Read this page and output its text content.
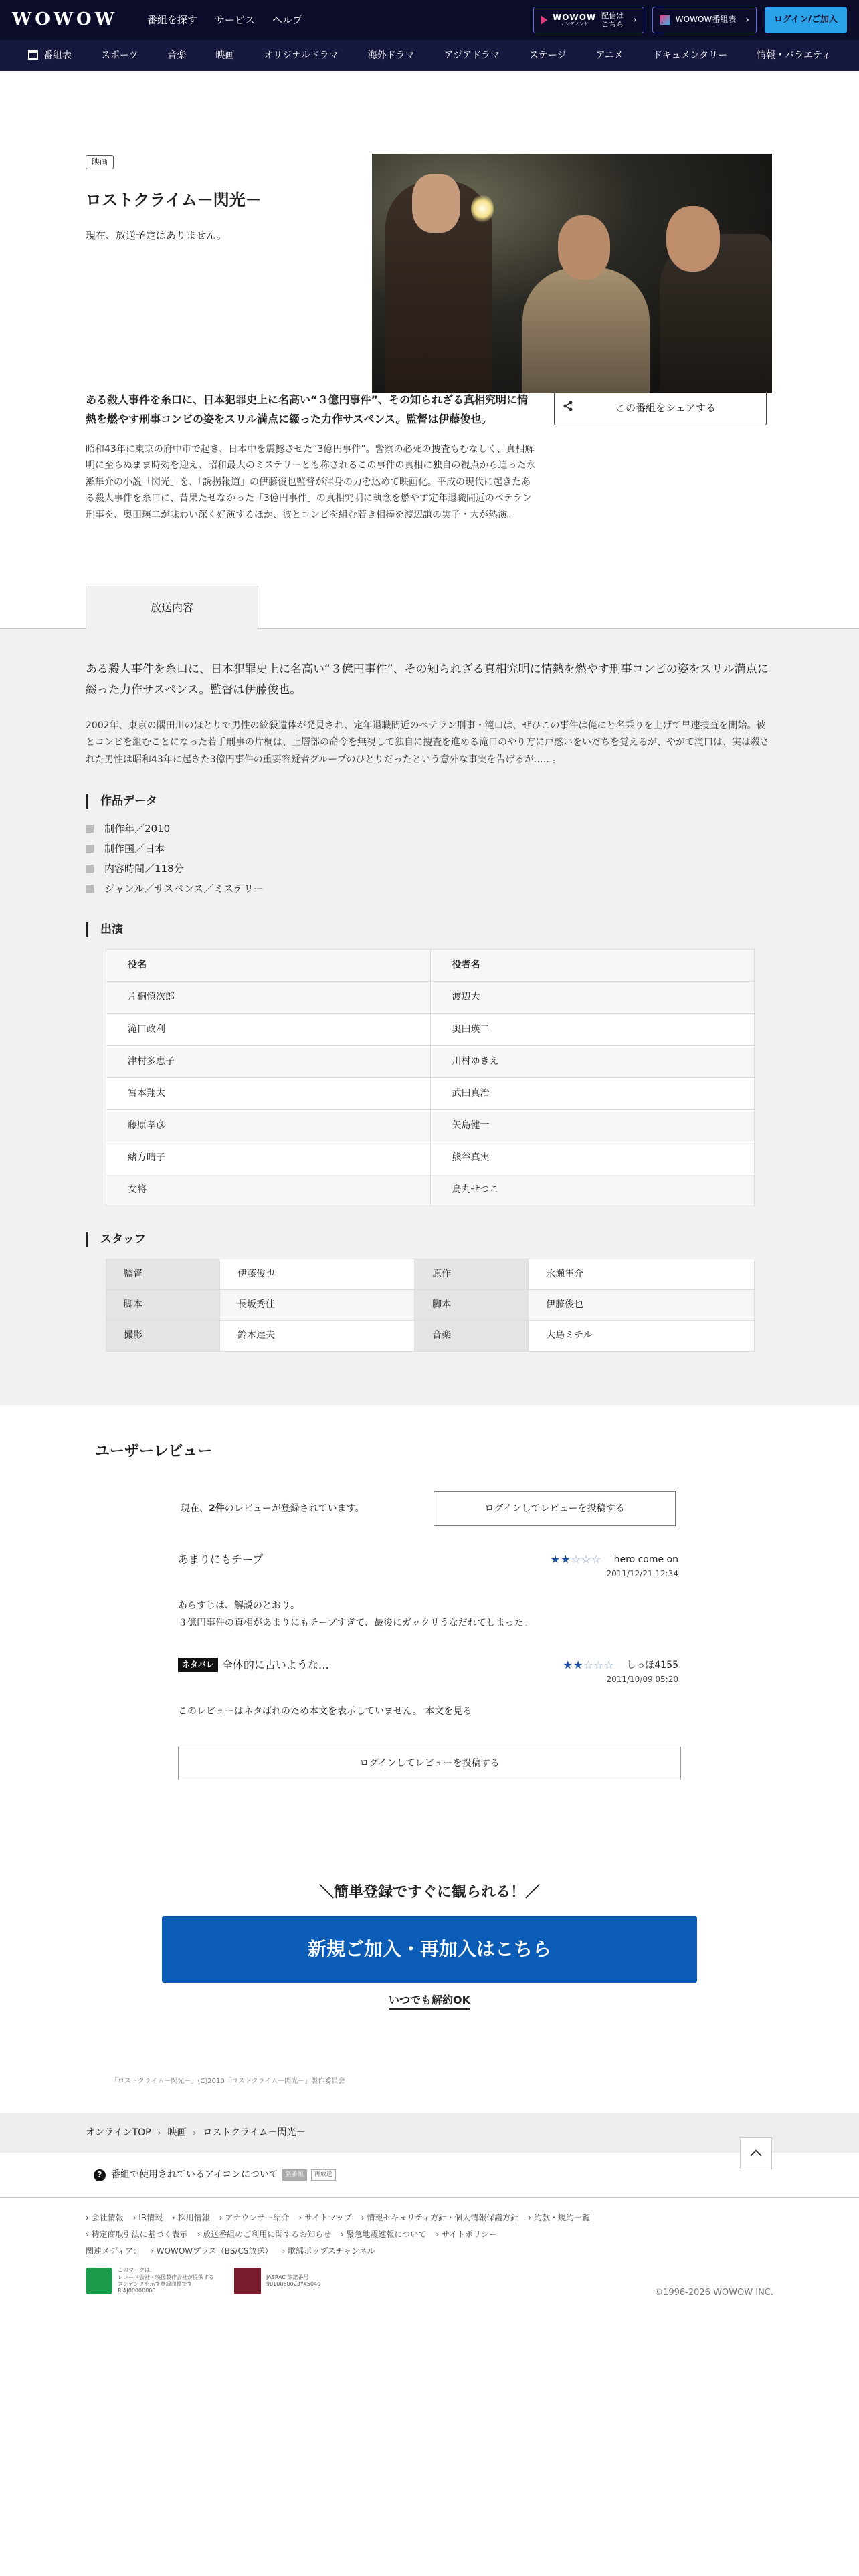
WOWOW	番組を探す サービス ヘルプ	WOWOW
オンデマンド
配信は
こちら ›	WOWOW番組表 ›	ログイン/ご加入
番組表	スポーツ	音楽	映画	オリジナルドラマ	海外ドラマ	アジアドラマ	ステージ	アニメ	ドキュメンタリー	情報・バラエティ
映画
ロストクライム－閃光－

現在、放送予定はありません。

ある殺人事件を糸口に、日本犯罪史上に名高い“３億円事件”、その知られざる真相究明に情熱を燃やす刑事コンビの姿をスリル満点に綴った力作サスペンス。監督は伊藤俊也。

昭和43年に東京の府中市で起き、日本中を震撼させた“3億円事件”。警察の必死の捜査もむなしく、真相解明に至らぬまま時効を迎え、昭和最大のミステリーとも称されるこの事件の真相に独自の視点から迫った永瀬隼介の小説「閃光」を、「誘拐報道」の伊藤俊也監督が渾身の力を込めて映画化。平成の現代に起きたある殺人事件を糸口に、昔果たせなかった「3億円事件」の真相究明に執念を燃やす定年退職間近のベテラン刑事を、奥田瑛二が味わい深く好演するほか、彼とコンビを組む若き相棒を渡辺謙の実子・大が熱演。

この番組をシェアする
放送内容

ある殺人事件を糸口に、日本犯罪史上に名高い“３億円事件”、その知られざる真相究明に情熱を燃やす刑事コンビの姿をスリル満点に綴った力作サスペンス。監督は伊藤俊也。

2002年、東京の隅田川のほとりで男性の絞殺遺体が発見され、定年退職間近のベテラン刑事・滝口は、ぜひこの事件は俺にと名乗りを上げて早速捜査を開始。彼とコンビを組むことになった若手刑事の片桐は、上層部の命令を無視して独自に捜査を進める滝口のやり方に戸惑いをいだちを覚えるが、やがて滝口は、実は殺された男性は昭和43年に起きた3億円事件の重要容疑者グループのひとりだったという意外な事実を告げるが……。

作品データ
制作年／2010
制作国／日本
内容時間／118分
ジャンル／サスペンス／ミステリー
出演
役名	役者名
片桐慎次郎	渡辺大
滝口政利	奥田瑛二
津村多恵子	川村ゆきえ
宮本翔太	武田真治
藤原孝彦	矢島健一
緒方晴子	熊谷真実
女将	烏丸せつこ
スタッフ
監督	伊藤俊也	原作	永瀬隼介
脚本	長坂秀佳	脚本	伊藤俊也
撮影	鈴木達夫	音楽	大島ミチル
ユーザーレビュー
現在、2件のレビューが登録されています。	ログインしてレビューを投稿する
あまりにもチープ	★★☆☆☆ hero come on
2011/12/21 12:34

あらすじは、解説のとおり。
３億円事件の真相があまりにもチープすぎて、最後にガックリうなだれてしまった。

ネタバレ 全体的に古いような…	★★☆☆☆ しっぽ4155
2011/10/09 05:20

このレビューはネタばれのため本文を表示していません。 本文を見る

ログインしてレビューを投稿する

＼簡単登録ですぐに観られる！／

新規ご加入・再加入はこちら
いつでも解約OK

「ロストクライム－閃光－」(C)2010「ロストクライム－閃光－」製作委員会

オンラインTOP › 映画 › ロストクライム－閃光－
? 番組で使用されているアイコンについて	新番組	再放送
› 会社情報	› IR情報	› 採用情報	› アナウンサー紹介	› サイトマップ	› 情報セキュリティ方針・個人情報保護方針	› 約款・規約一覧
› 特定商取引法に基づく表示	› 放送番組のご利用に関するお知らせ	› 緊急地震速報について	› サイトポリシー
関連メディア：	› WOWOWプラス（BS/CS放送）	› 歌謡ポップスチャンネル
このマークは、
レコード会社・映像製作会社が提供する
コンテンツを示す登録商標です
RIAJ00000000
JASRAC 許諾番号
9010050023Y45040
©1996-2026 WOWOW INC.
